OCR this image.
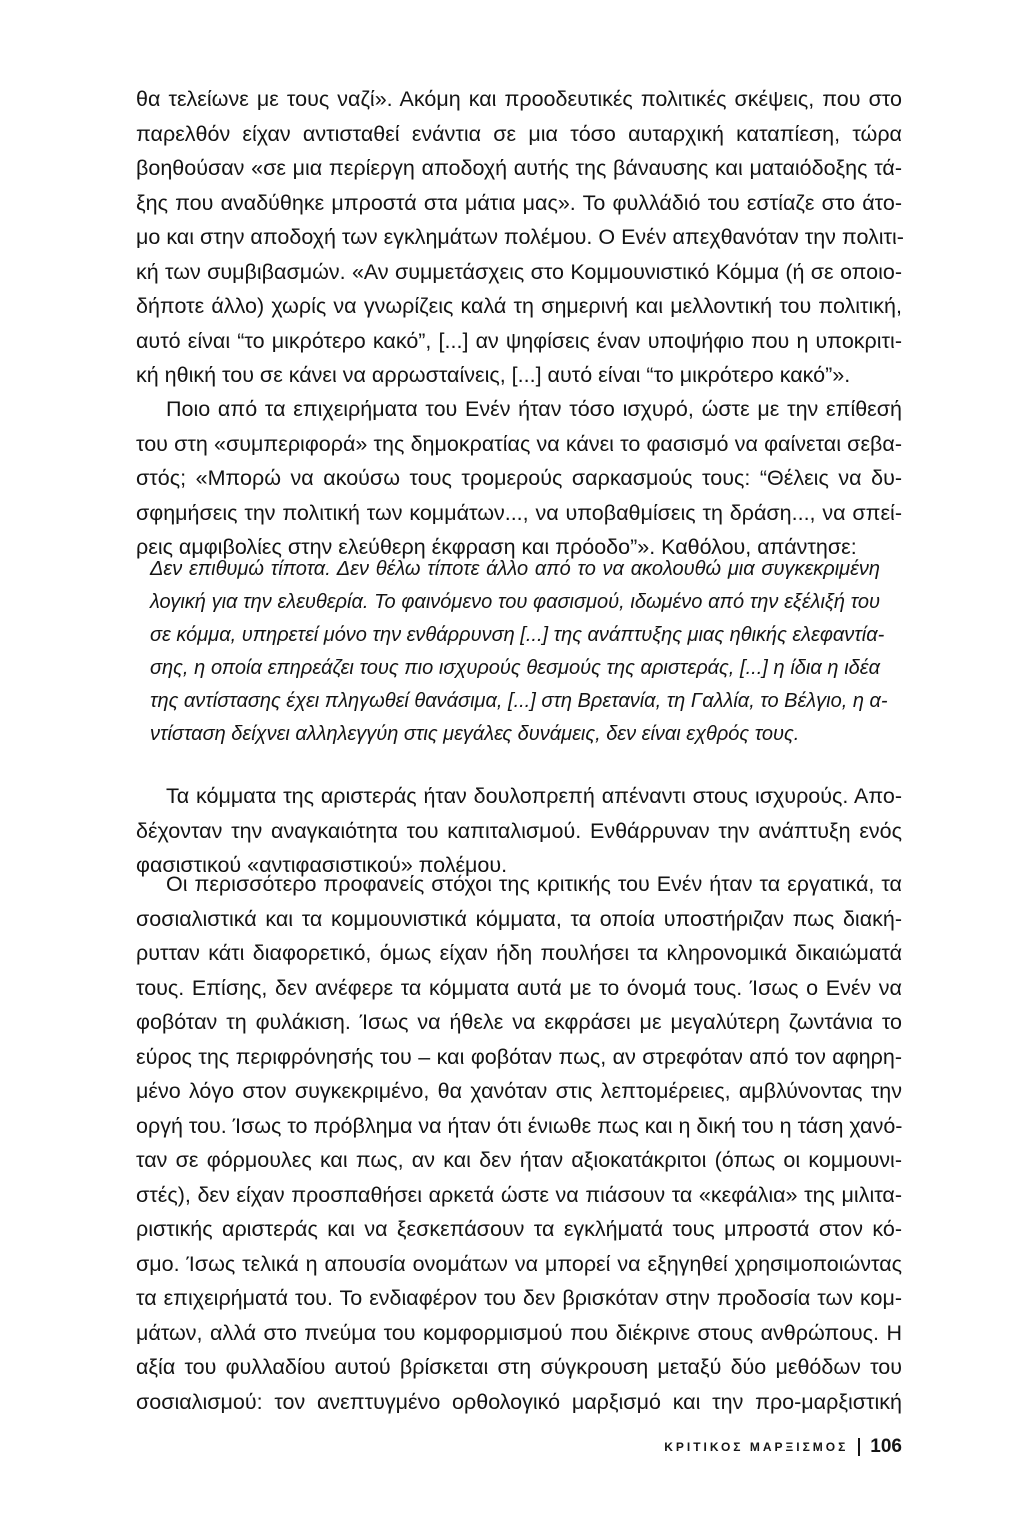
θα τελείωνε με τους ναζί». Ακόμη και προοδευτικές πολιτικές σκέψεις, που στο
παρελθόν είχαν αντισταθεί ενάντια σε μια τόσο αυταρχική καταπίεση, τώρα
βοηθούσαν «σε μια περίεργη αποδοχή αυτής της βάναυσης και ματαιόδοξης τά-
ξης που αναδύθηκε μπροστά στα μάτια μας». Το φυλλάδιό του εστίαζε στο άτο-
μο και στην αποδοχή των εγκλημάτων πολέμου. Ο Ενέν απεχθανόταν την πολιτι-
κή των συμβιβασμών. «Αν συμμετάσχεις στο Κομμουνιστικό Κόμμα (ή σε οποιο-
δήποτε άλλο) χωρίς να γνωρίζεις καλά τη σημερινή και μελλοντική του πολιτική,
αυτό είναι “το μικρότερο κακό”, [...] αν ψηφίσεις έναν υποψήφιο που η υποκριτι-
κή ηθική του σε κάνει να αρρωσταίνεις, [...] αυτό είναι “το μικρότερο κακό”».
Ποιο από τα επιχειρήματα του Ενέν ήταν τόσο ισχυρό, ώστε με την επίθεσή
του στη «συμπεριφορά» της δημοκρατίας να κάνει το φασισμό να φαίνεται σεβα-
στός; «Μπορώ να ακούσω τους τρομερούς σαρκασμούς τους: “Θέλεις να δυ-
σφημήσεις την πολιτική των κομμάτων..., να υποβαθμίσεις τη δράση..., να σπεί-
ρεις αμφιβολίες στην ελεύθερη έκφραση και πρόοδο”». Καθόλου, απάντησε:
Δεν επιθυμώ τίποτα. Δεν θέλω τίποτε άλλο από το να ακολουθώ μια συγκεκριμένη
λογική για την ελευθερία. Το φαινόμενο του φασισμού, ιδωμένο από την εξέλιξή του
σε κόμμα, υπηρετεί μόνο την ενθάρρυνση [...] της ανάπτυξης μιας ηθικής ελεφαντία-
σης, η οποία επηρεάζει τους πιο ισχυρούς θεσμούς της αριστεράς, [...] η ίδια η ιδέα
της αντίστασης έχει πληγωθεί θανάσιμα, [...] στη Βρετανία, τη Γαλλία, το Βέλγιο, η α-
ντίσταση δείχνει αλληλεγγύη στις μεγάλες δυνάμεις, δεν είναι εχθρός τους.
Τα κόμματα της αριστεράς ήταν δουλοπρεπή απέναντι στους ισχυρούς. Απο-
δέχονταν την αναγκαιότητα του καπιταλισμού. Ενθάρρυναν την ανάπτυξη ενός
φασιστικού «αντιφασιστικού» πολέμου.
Οι περισσότερο προφανείς στόχοι της κριτικής του Ενέν ήταν τα εργατικά, τα
σοσιαλιστικά και τα κομμουνιστικά κόμματα, τα οποία υποστήριζαν πως διακή-
ρυτταν κάτι διαφορετικό, όμως είχαν ήδη πουλήσει τα κληρονομικά δικαιώματά
τους. Επίσης, δεν ανέφερε τα κόμματα αυτά με το όνομά τους. Ίσως ο Ενέν να
φοβόταν τη φυλάκιση. Ίσως να ήθελε να εκφράσει με μεγαλύτερη ζωντάνια το
εύρος της περιφρόνησής του – και φοβόταν πως, αν στρεφόταν από τον αφηρη-
μένο λόγο στον συγκεκριμένο, θα χανόταν στις λεπτομέρειες, αμβλύνοντας την
οργή του. Ίσως το πρόβλημα να ήταν ότι ένιωθε πως και η δική του η τάση χανό-
ταν σε φόρμουλες και πως, αν και δεν ήταν αξιοκατάκριτοι (όπως οι κομμουνι-
στές), δεν είχαν προσπαθήσει αρκετά ώστε να πιάσουν τα «κεφάλια» της μιλιτα-
ριστικής αριστεράς και να ξεσκεπάσουν τα εγκλήματά τους μπροστά στον κό-
σμο. Ίσως τελικά η απουσία ονομάτων να μπορεί να εξηγηθεί χρησιμοποιώντας
τα επιχειρήματά του. Το ενδιαφέρον του δεν βρισκόταν στην προδοσία των κομ-
μάτων, αλλά στο πνεύμα του κομφορμισμού που διέκρινε στους ανθρώπους. Η
αξία του φυλλαδίου αυτού βρίσκεται στη σύγκρουση μεταξύ δύο μεθόδων του
σοσιαλισμού: τον ανεπτυγμένο ορθολογικό μαρξισμό και την προ-μαρξιστική
ΚΡΙΤΙΚΟΣ ΜΑΡΞΙΣΜΟΣ 106
